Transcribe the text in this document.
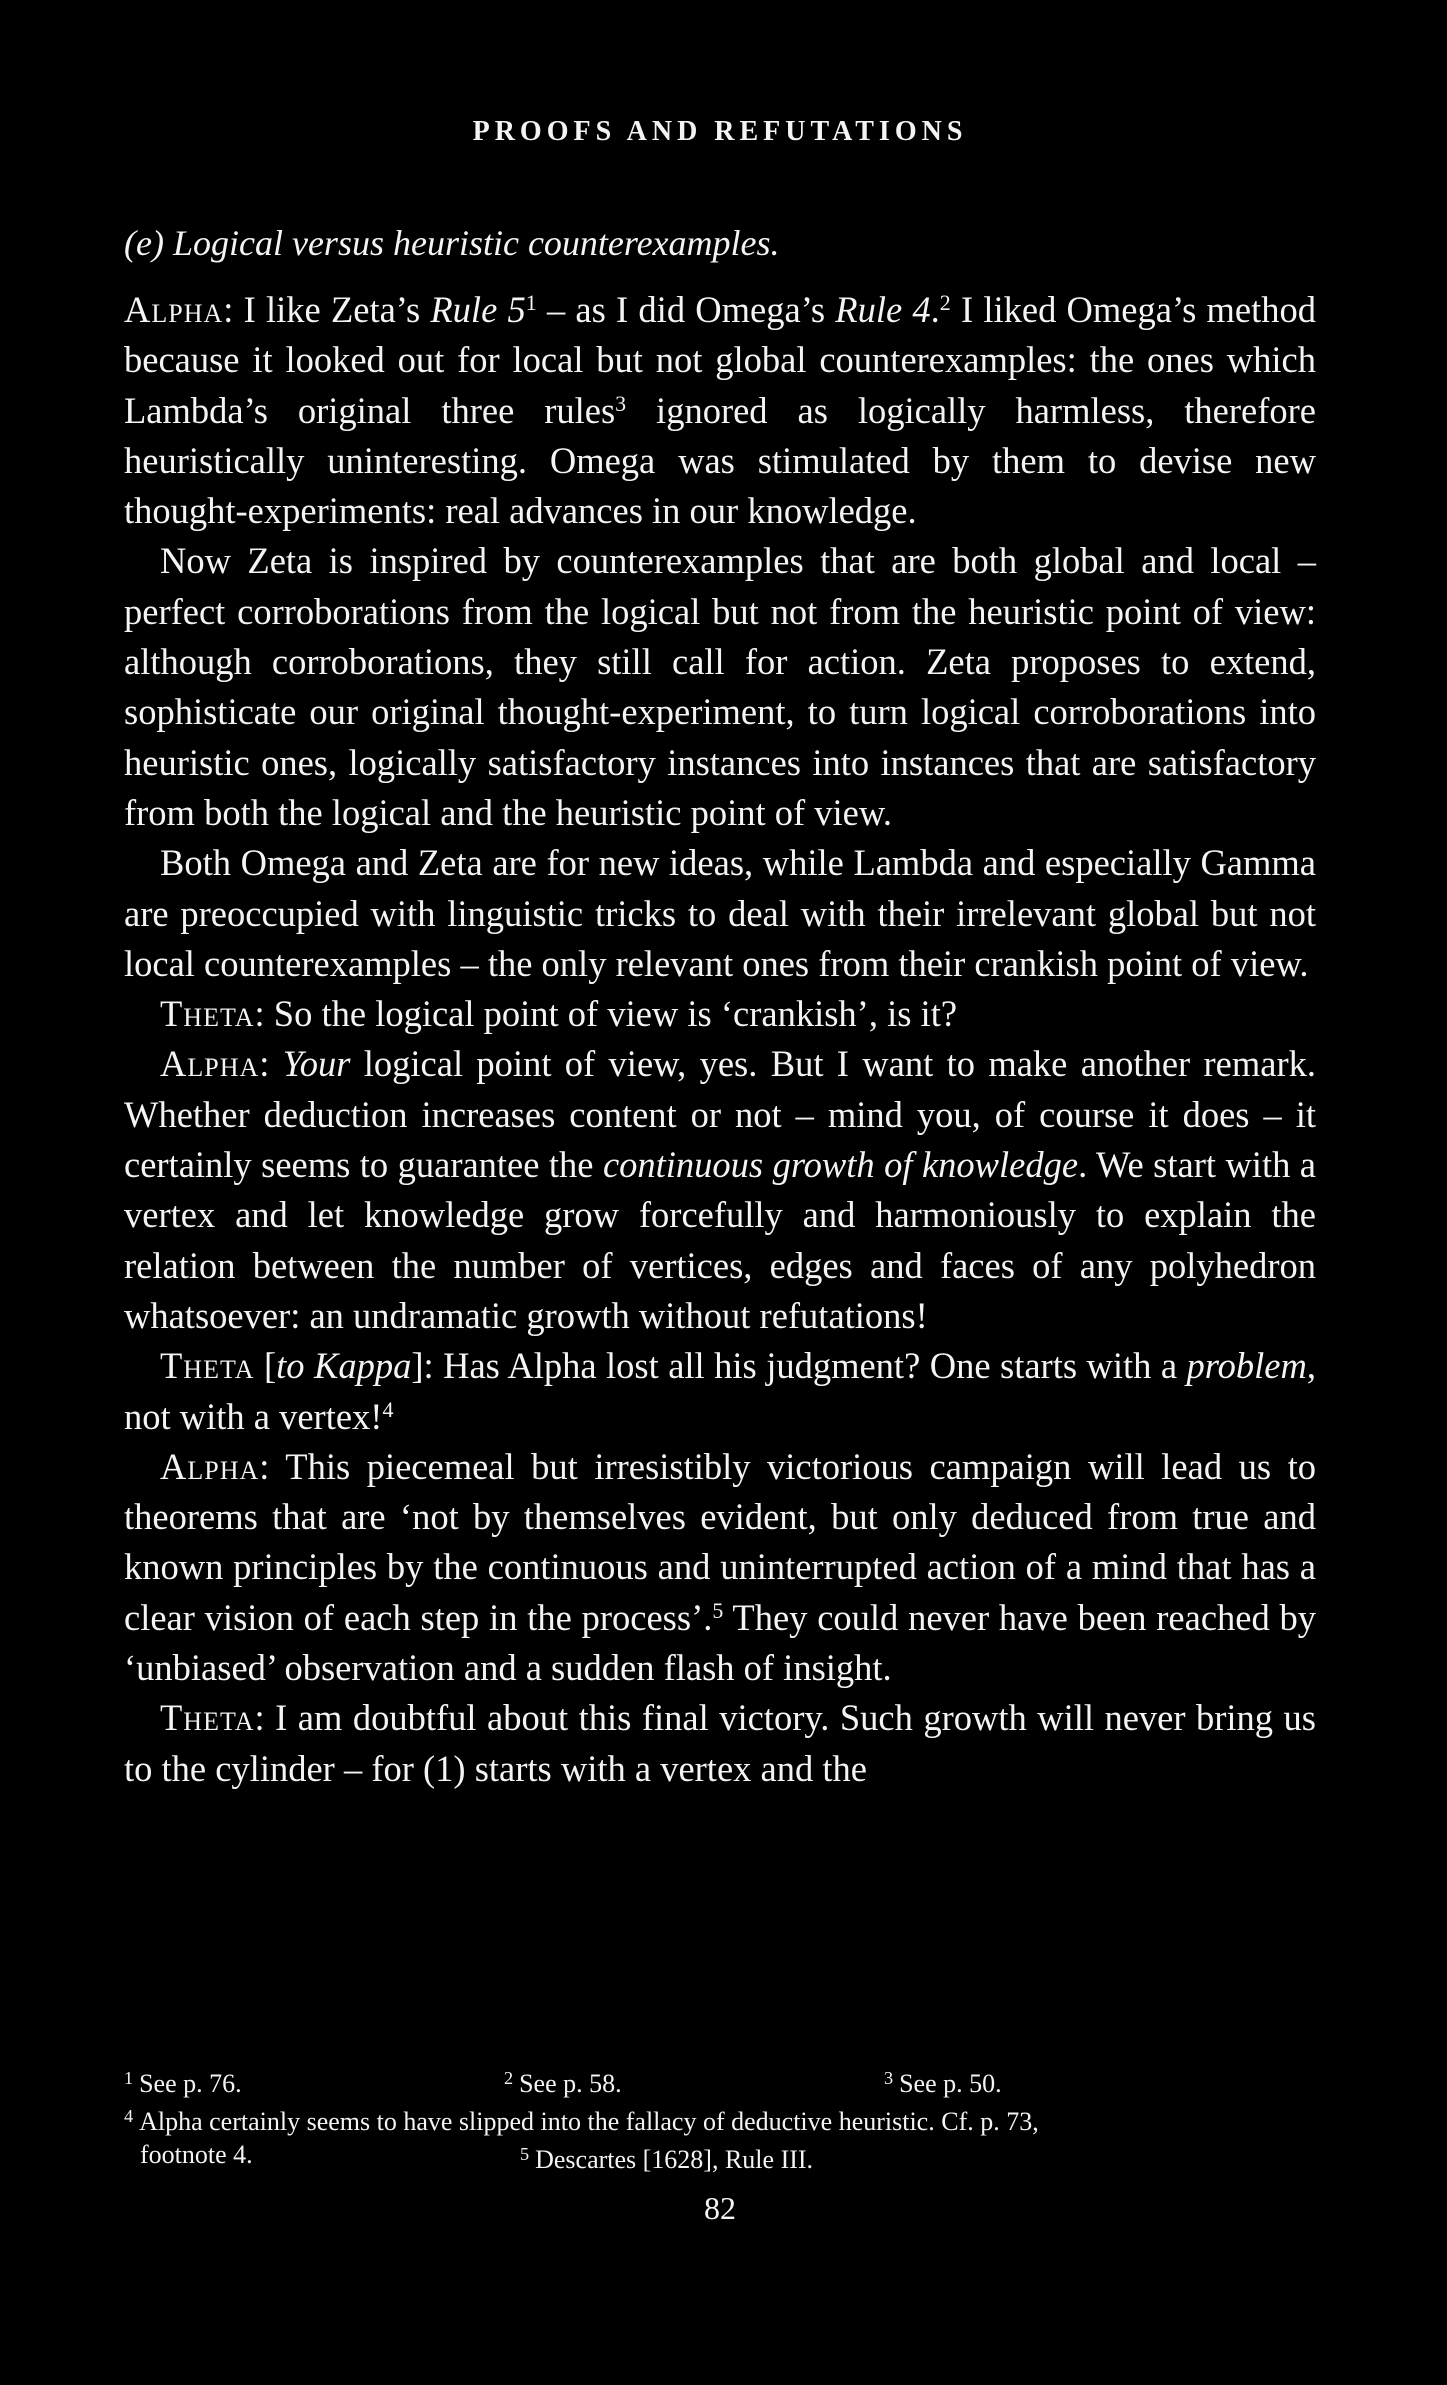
PROOFS AND REFUTATIONS
(e) Logical versus heuristic counterexamples.

Alpha: I like Zeta’s Rule $5^1$ – as I did Omega’s Rule 4.$^2$ I liked Omega’s method because it looked out for local but not global counterexamples: the ones which Lambda’s original three rules$^3$ ignored as logically harmless, therefore heuristically uninteresting. Omega was stimulated by them to devise new thought-experiments: real advances in our knowledge.

Now Zeta is inspired by counterexamples that are both global and local – perfect corroborations from the logical but not from the heuristic point of view: although corroborations, they still call for action. Zeta proposes to extend, sophisticate our original thought-experiment, to turn logical corroborations into heuristic ones, logically satisfactory instances into instances that are satisfactory from both the logical and the heuristic point of view.

Both Omega and Zeta are for new ideas, while Lambda and especially Gamma are preoccupied with linguistic tricks to deal with their irrelevant global but not local counterexamples – the only relevant ones from their crankish point of view.

Theta: So the logical point of view is ‘crankish’, is it?

Alpha: Your logical point of view, yes. But I want to make another remark. Whether deduction increases content or not – mind you, of course it does – it certainly seems to guarantee the continuous growth of knowledge. We start with a vertex and let knowledge grow forcefully and harmoniously to explain the relation between the number of vertices, edges and faces of any polyhedron whatsoever: an undramatic growth without refutations!

Theta [to Kappa]: Has Alpha lost all his judgment? One starts with a problem, not with a vertex!$^4$

Alpha: This piecemeal but irresistibly victorious campaign will lead us to theorems that are ‘not by themselves evident, but only deduced from true and known principles by the continuous and uninterrupted action of a mind that has a clear vision of each step in the process’.$^5$ They could never have been reached by ‘unbiased’ observation and a sudden flash of insight.

Theta: I am doubtful about this final victory. Such growth will never bring us to the cylinder – for (1) starts with a vertex and the

$^1$ See p. 76.	$^2$ See p. 58.	$^3$ See p. 50.
$^4$ Alpha certainly seems to have slipped into the fallacy of deductive heuristic. Cf. p. 73,
footnote 4.	$^5$ Descartes [1628], Rule III.
82
